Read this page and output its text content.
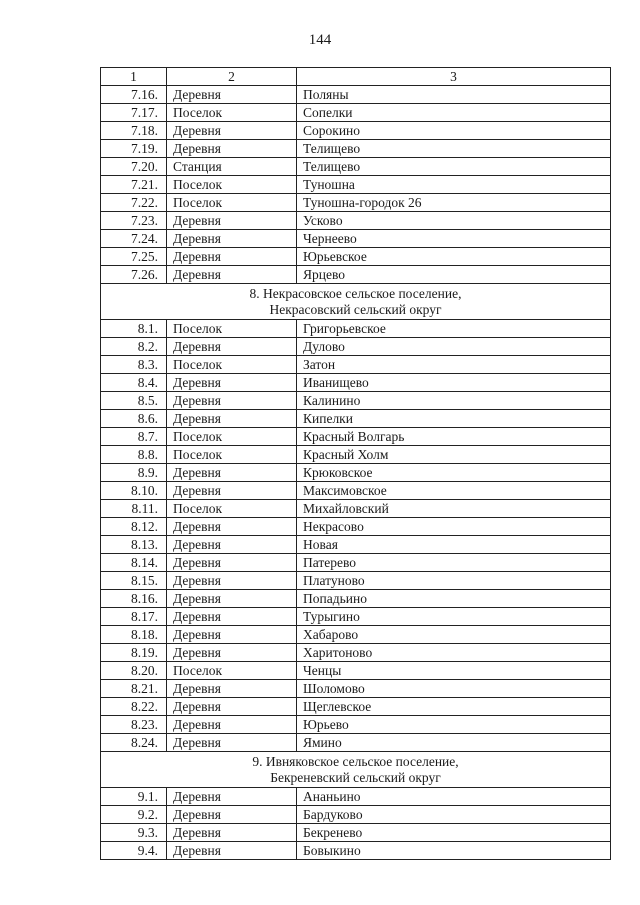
144
1	2	3
7.16.	Деревня	Поляны
7.17.	Поселок	Сопелки
7.18.	Деревня	Сорокино
7.19.	Деревня	Телищево
7.20.	Станция	Телищево
7.21.	Поселок	Туношна
7.22.	Поселок	Туношна-городок 26
7.23.	Деревня	Усково
7.24.	Деревня	Чернеево
7.25.	Деревня	Юрьевское
7.26.	Деревня	Ярцево
8. Некрасовское сельское поселение,
Некрасовский сельский округ		
8.1.	Поселок	Григорьевское
8.2.	Деревня	Дулово
8.3.	Поселок	Затон
8.4.	Деревня	Иванищево
8.5.	Деревня	Калинино
8.6.	Деревня	Кипелки
8.7.	Поселок	Красный Волгарь
8.8.	Поселок	Красный Холм
8.9.	Деревня	Крюковское
8.10.	Деревня	Максимовское
8.11.	Поселок	Михайловский
8.12.	Деревня	Некрасово
8.13.	Деревня	Новая
8.14.	Деревня	Патерево
8.15.	Деревня	Платуново
8.16.	Деревня	Попадьино
8.17.	Деревня	Турыгино
8.18.	Деревня	Хабарово
8.19.	Деревня	Харитоново
8.20.	Поселок	Ченцы
8.21.	Деревня	Шоломово
8.22.	Деревня	Щеглевское
8.23.	Деревня	Юрьево
8.24.	Деревня	Ямино
9. Ивняковское сельское поселение,
Бекреневский сельский округ		
9.1.	Деревня	Ананьино
9.2.	Деревня	Бардуково
9.3.	Деревня	Бекренево
9.4.	Деревня	Бовыкино
